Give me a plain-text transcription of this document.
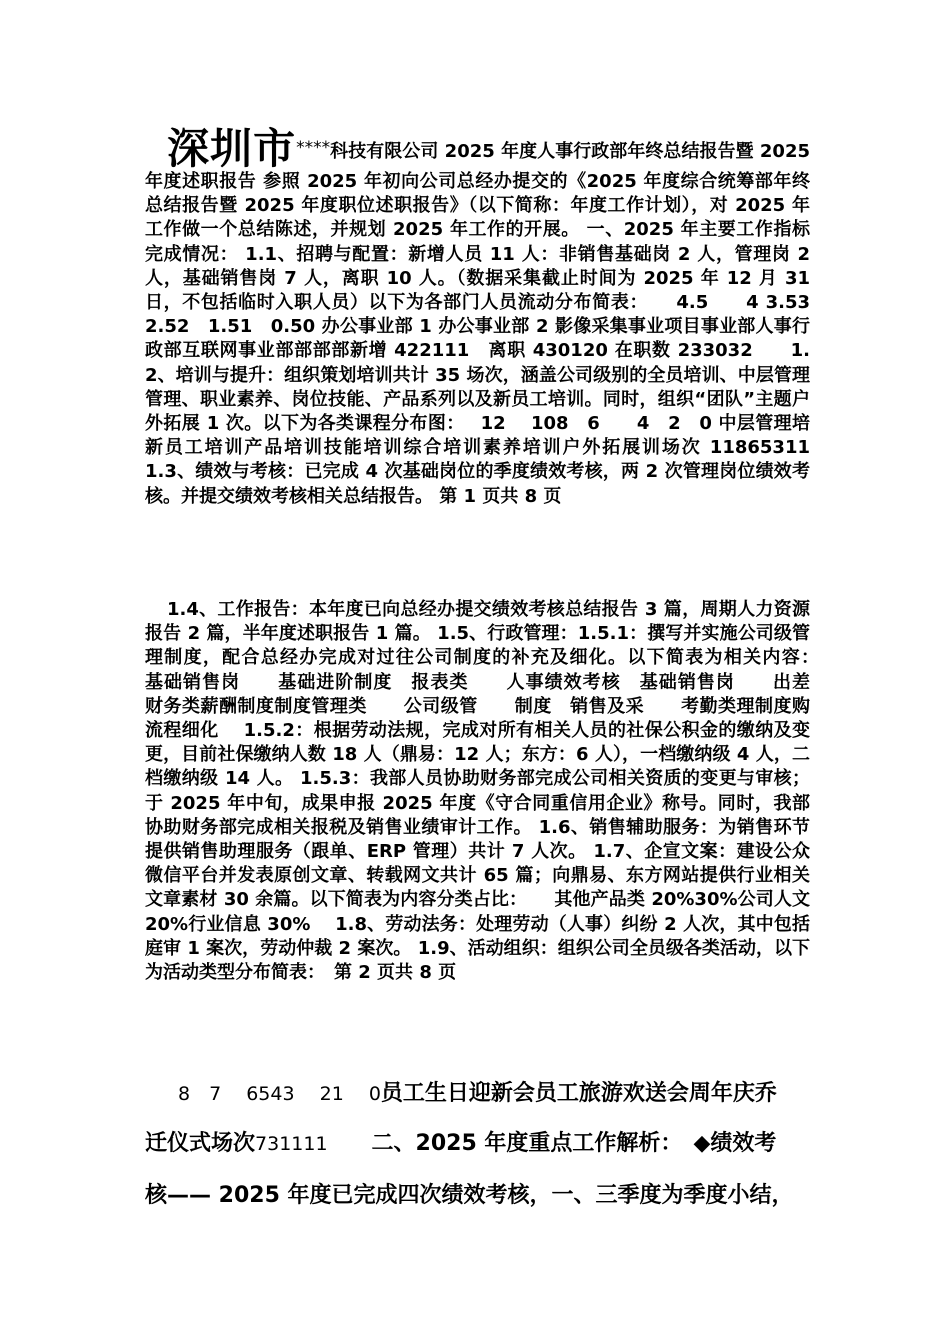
深圳市****科技有限公司 2025 年度人事行政部年终总结报告暨 2025 年度述职报告 参照 2025 年初向公司总经办提交的《2025 年度综合统筹部年终总结报告暨 2025 年度职位述职报告》（以下简称：年度工作计划），对 2025 年工作做一个总结陈述，并规划 2025 年工作的开展。 一、2025 年主要工作指标完成情况： 1.1、招聘与配置：新增人员 11 人：非销售基础岗 2 人，管理岗 2 人，基础销售岗 7 人，离职 10 人。（数据采集截止时间为 2025 年 12 月 31 日，不包括临时入职人员）以下为各部门人员流动分布简表：　　4.5　　4 3.53　2.52　1.51　0.50 办公事业部 1 办公事业部 2 影像采集事业项目事业部人事行政部互联网事业部部部部新增 422111　离职 430120 在职数 233032　　1.2、培训与提升：组织策划培训共计 35 场次，涵盖公司级别的全员培训、中层管理管理、职业素养、岗位技能、产品系列以及新员工培训。同时，组织“团队”主题户外拓展 1 次。以下为各类课程分布图：　 12　 108　6　　4　2　0 中层管理培新员工培训产品培训技能培训综合培训素养培训户外拓展训场次 11865311　　1.3、绩效与考核：已完成 4 次基础岗位的季度绩效考核，两 2 次管理岗位绩效考核。并提交绩效考核相关总结报告。 第 1 页共 8 页
1.4、工作报告：本年度已向总经办提交绩效考核总结报告 3 篇，周期人力资源报告 2 篇，半年度述职报告 1 篇。 1.5、行政管理：1.5.1：撰写并实施公司级管理制度，配合总经办完成对过往公司制度的补充及细化。以下简表为相关内容：　　 基础销售岗　　基础进阶制度　报表类　　人事绩效考核　基础销售岗　　出差　　财务类薪酬制度制度管理类　　公司级管　　制度　销售及采　　考勤类理制度购流程细化　 1.5.2：根据劳动法规，完成对所有相关人员的社保公积金的缴纳及变更，目前社保缴纳人数 18 人（鼎易：12 人；东方：6 人），一档缴纳级 4 人，二档缴纳级 14 人。 1.5.3：我部人员协助财务部完成公司相关资质的变更与审核；于 2025 年中旬，成果申报 2025 年度《守合同重信用企业》称号。同时，我部协助财务部完成相关报税及销售业绩审计工作。 1.6、销售辅助服务：为销售环节提供销售助理服务（跟单、ERP 管理）共计 7 人次。 1.7、企宣文案：建设公众微信平台并发表原创文章、转载网文共计 65 篇；向鼎易、东方网站提供行业相关文章素材 30 余篇。以下简表为内容分类占比：　　其他产品类 20%30%公司人文 20%行业信息 30%　 1.8、劳动法务：处理劳动（人事）纠纷 2 人次，其中包括庭审 1 案次，劳动仲裁 2 案次。 1.9、活动组织：组织公司全员级各类活动，以下为活动类型分布简表：　第 2 页共 8 页
8　7　 6543　 21　 0员工生日迎新会员工旅游欢送会周年庆乔
迁仪式场次731111　　二、2025 年度重点工作解析：　◆绩效考
核—— 2025 年度已完成四次绩效考核，一、三季度为季度小结，
